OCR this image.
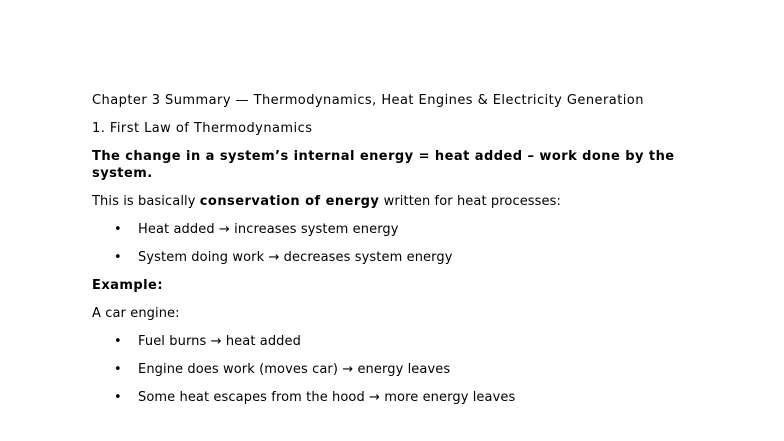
Chapter 3 Summary — Thermodynamics, Heat Engines & Electricity Generation

1. First Law of Thermodynamics

The change in a system’s internal energy = heat added – work done by the system.

This is basically conservation of energy written for heat processes:

• Heat added → increases system energy
• System doing work → decreases system energy

Example:

A car engine:

• Fuel burns → heat added
• Engine does work (moves car) → energy leaves
• Some heat escapes from the hood → more energy leaves
